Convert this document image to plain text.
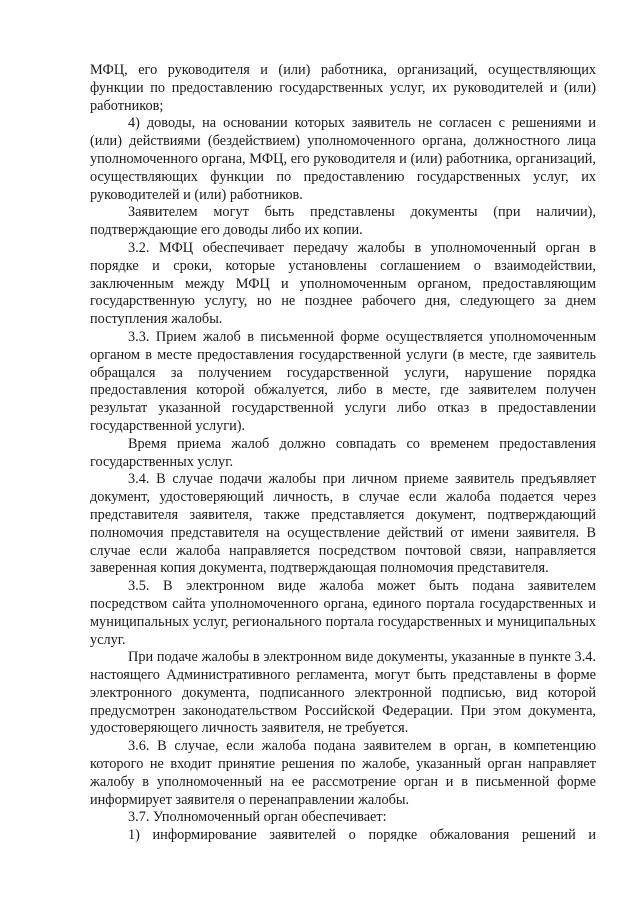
МФЦ, его руководителя и (или) работника, организаций, осуществляющих функции по предоставлению государственных услуг, их руководителей и (или) работников;

4) доводы, на основании которых заявитель не согласен с решениями и (или) действиями (бездействием) уполномоченного органа, должностного лица уполномоченного органа, МФЦ, его руководителя и (или) работника, организаций, осуществляющих функции по предоставлению государственных услуг, их руководителей и (или) работников.

Заявителем могут быть представлены документы (при наличии), подтверждающие его доводы либо их копии.

3.2. МФЦ обеспечивает передачу жалобы в уполномоченный орган в порядке и сроки, которые установлены соглашением о взаимодействии, заключенным между МФЦ и уполномоченным органом, предоставляющим государственную услугу, но не позднее рабочего дня, следующего за днем поступления жалобы.

3.3. Прием жалоб в письменной форме осуществляется уполномоченным органом в месте предоставления государственной услуги (в месте, где заявитель обращался за получением государственной услуги, нарушение порядка предоставления которой обжалуется, либо в месте, где заявителем получен результат указанной государственной услуги либо отказ в предоставлении государственной услуги).

Время приема жалоб должно совпадать со временем предоставления государственных услуг.

3.4. В случае подачи жалобы при личном приеме заявитель предъявляет документ, удостоверяющий личность, в случае если жалоба подается через представителя заявителя, также представляется документ, подтверждающий полномочия представителя на осуществление действий от имени заявителя. В случае если жалоба направляется посредством почтовой связи, направляется заверенная копия документа, подтверждающая полномочия представителя.

3.5. В электронном виде жалоба может быть подана заявителем посредством сайта уполномоченного органа, единого портала государственных и муниципальных услуг, регионального портала государственных и муниципальных услуг.

При подаче жалобы в электронном виде документы, указанные в пункте 3.4. настоящего Административного регламента, могут быть представлены в форме электронного документа, подписанного электронной подписью, вид которой предусмотрен законодательством Российской Федерации. При этом документа, удостоверяющего личность заявителя, не требуется.

3.6. В случае, если жалоба подана заявителем в орган, в компетенцию которого не входит принятие решения по жалобе, указанный орган направляет жалобу в уполномоченный на ее рассмотрение орган и в письменной форме информирует заявителя о перенаправлении жалобы.

3.7. Уполномоченный орган обеспечивает:

1) информирование заявителей о порядке обжалования решений и
